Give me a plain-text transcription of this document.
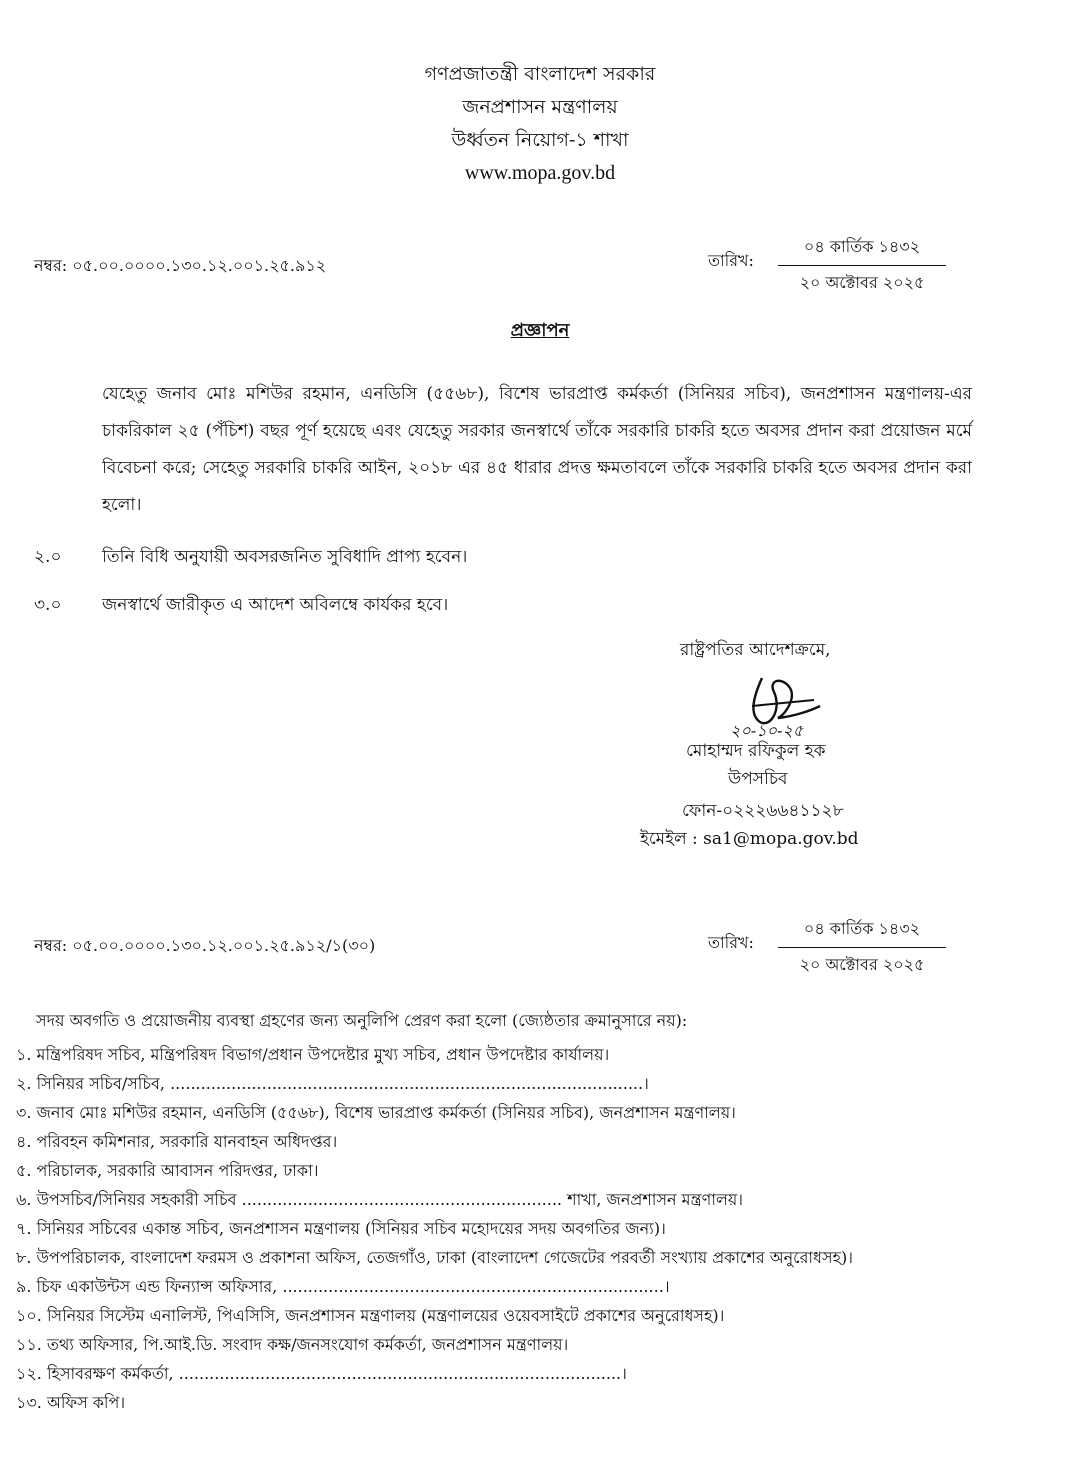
গণপ্রজাতন্ত্রী বাংলাদেশ সরকার
জনপ্রশাসন মন্ত্রণালয়
উর্ধ্বতন নিয়োগ-১ শাখা
www.mopa.gov.bd
নম্বর: ০৫.০০.০০০০.১৩০.১২.০০১.২৫.৯১২	তারিখ:
০৪ কার্তিক ১৪৩২
২০ অক্টোবর ২০২৫
প্রজ্ঞাপন
যেহেতু জনাব মোঃ মশিউর রহমান, এনডিসি (৫৫৬৮), বিশেষ ভারপ্রাপ্ত কর্মকর্তা (সিনিয়র সচিব), জনপ্রশাসন মন্ত্রণালয়-এর চাকরিকাল ২৫ (পঁচিশ) বছর পূর্ণ হয়েছে এবং যেহেতু সরকার জনস্বার্থে তাঁকে সরকারি চাকরি হতে অবসর প্রদান করা প্রয়োজন মর্মে বিবেচনা করে; সেহেতু সরকারি চাকরি আইন, ২০১৮ এর ৪৫ ধারার প্রদত্ত ক্ষমতাবলে তাঁকে সরকারি চাকরি হতে অবসর প্রদান করা হলো।
২.০ তিনি বিধি অনুযায়ী অবসরজনিত সুবিধাদি প্রাপ্য হবেন।
৩.০ জনস্বার্থে জারীকৃত এ আদেশ অবিলম্বে কার্যকর হবে।
রাষ্ট্রপতির আদেশক্রমে,
২০-১০-২৫
মোহাম্মদ রফিকুল হক
উপসচিব
ফোন-০২২২৬৬৪১১২৮
ইমেইল : sa1@mopa.gov.bd
নম্বর: ০৫.০০.০০০০.১৩০.১২.০০১.২৫.৯১২/১(৩০)	তারিখ:
০৪ কার্তিক ১৪৩২
২০ অক্টোবর ২০২৫
সদয় অবগতি ও প্রয়োজনীয় ব্যবস্থা গ্রহণের জন্য অনুলিপি প্রেরণ করা হলো (জ্যেষ্ঠতার ক্রমানুসারে নয়):
১. মন্ত্রিপরিষদ সচিব, মন্ত্রিপরিষদ বিভাগ/প্রধান উপদেষ্টার মুখ্য সচিব, প্রধান উপদেষ্টার কার্যালয়।
২. সিনিয়র সচিব/সচিব, .............................................................................................।
৩. জনাব মোঃ মশিউর রহমান, এনডিসি (৫৫৬৮), বিশেষ ভারপ্রাপ্ত কর্মকর্তা (সিনিয়র সচিব), জনপ্রশাসন মন্ত্রণালয়।
৪. পরিবহন কমিশনার, সরকারি যানবাহন অধিদপ্তর।
৫. পরিচালক, সরকারি আবাসন পরিদপ্তর, ঢাকা।
৬. উপসচিব/সিনিয়র সহকারী সচিব ............................................................... শাখা, জনপ্রশাসন মন্ত্রণালয়।
৭. সিনিয়র সচিবের একান্ত সচিব, জনপ্রশাসন মন্ত্রণালয় (সিনিয়র সচিব মহোদয়ের সদয় অবগতির জন্য)।
৮. উপপরিচালক, বাংলাদেশ ফরমস ও প্রকাশনা অফিস, তেজগাঁও, ঢাকা (বাংলাদেশ গেজেটের পরবর্তী সংখ্যায় প্রকাশের অনুরোধসহ)।
৯. চিফ একাউন্টস এন্ড ফিন্যান্স অফিসার, ...........................................................................।
১০. সিনিয়র সিস্টেম এনালিস্ট, পিএসিসি, জনপ্রশাসন মন্ত্রণালয় (মন্ত্রণালয়ের ওয়েবসাইটে প্রকাশের অনুরোধসহ)।
১১. তথ্য অফিসার, পি.আই.ডি. সংবাদ কক্ষ/জনসংযোগ কর্মকর্তা, জনপ্রশাসন মন্ত্রণালয়।
১২. হিসাবরক্ষণ কর্মকর্তা, .......................................................................................।
১৩. অফিস কপি।
